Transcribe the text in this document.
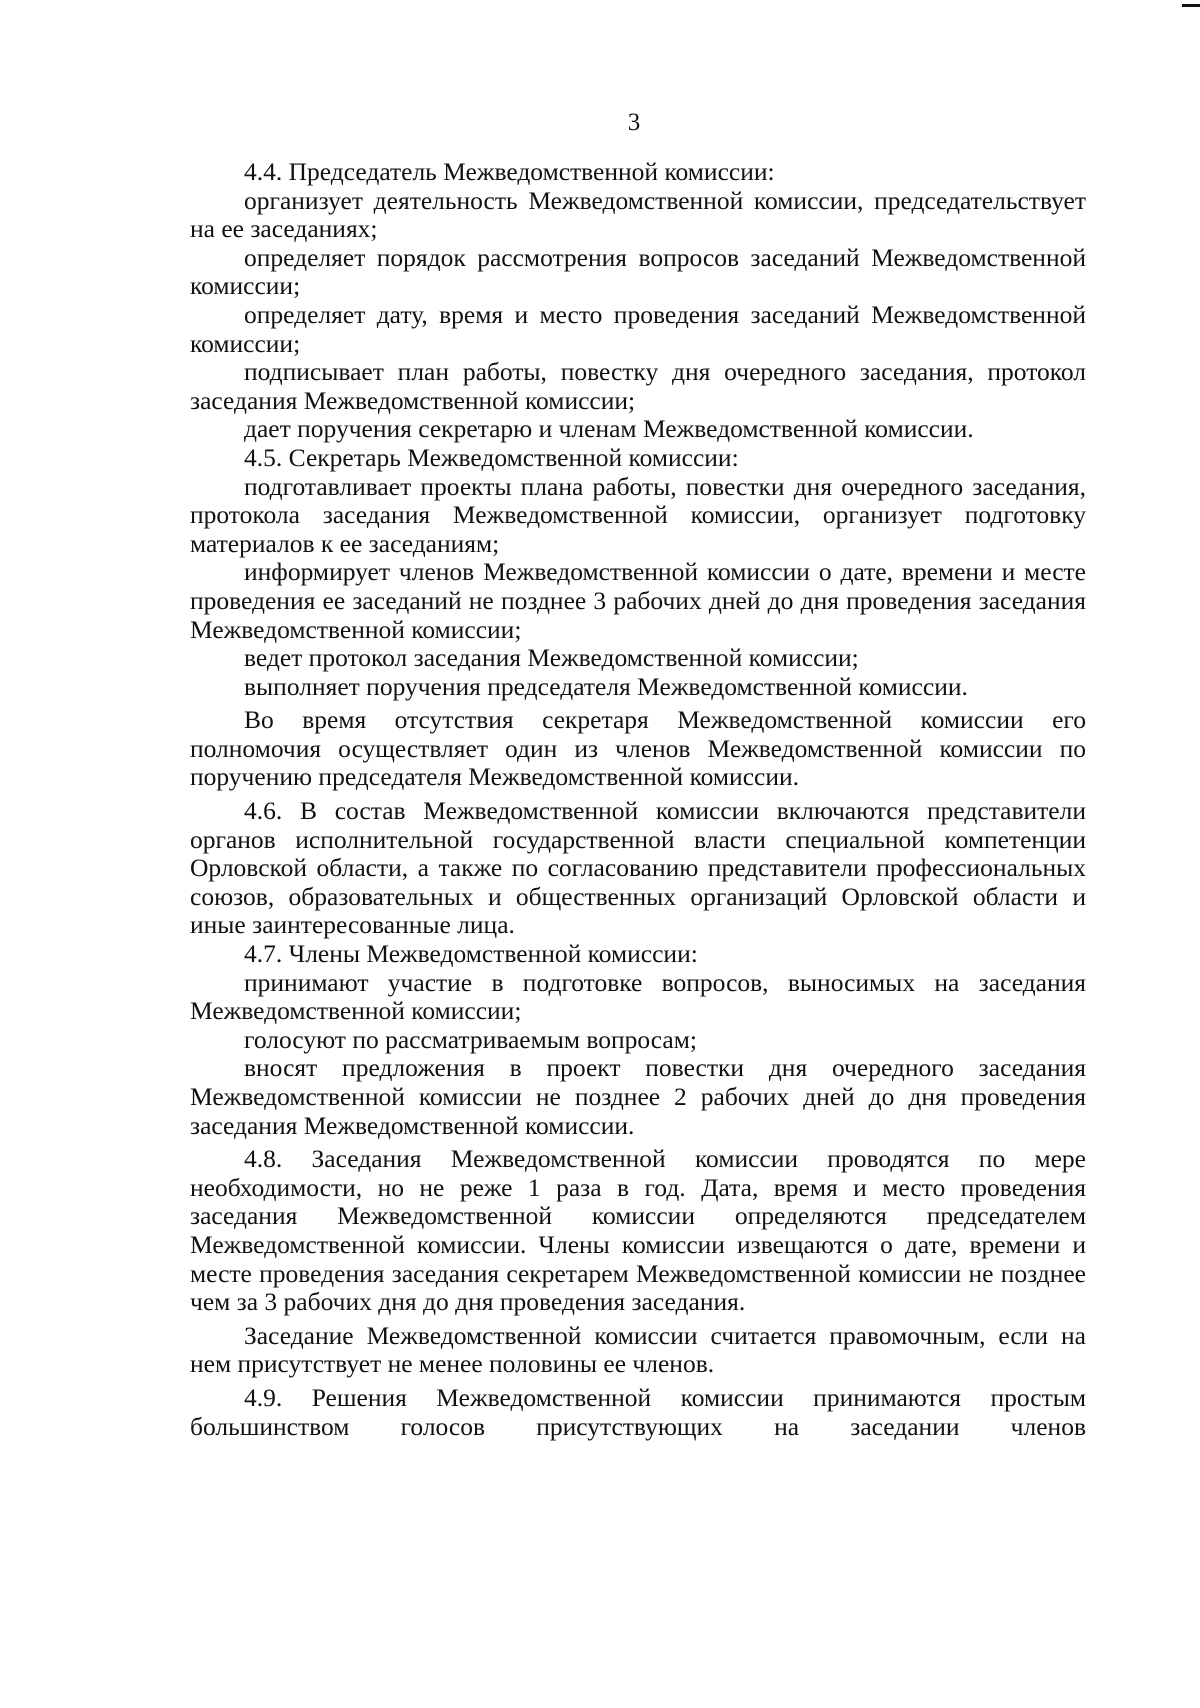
3

4.4. Председатель Межведомственной комиссии:

организует деятельность Межведомственной комиссии, председательствует на ее заседаниях;

определяет порядок рассмотрения вопросов заседаний Межведомственной комиссии;

определяет дату, время и место проведения заседаний Межведомственной комиссии;

подписывает план работы, повестку дня очередного заседания, протокол заседания Межведомственной комиссии;

дает поручения секретарю и членам Межведомственной комиссии.

4.5. Секретарь Межведомственной комиссии:

подготавливает проекты плана работы, повестки дня очередного заседания, протокола заседания Межведомственной комиссии, организует подготовку материалов к ее заседаниям;

информирует членов Межведомственной комиссии о дате, времени и месте проведения ее заседаний не позднее 3 рабочих дней до дня проведения заседания Межведомственной комиссии;

ведет протокол заседания Межведомственной комиссии;

выполняет поручения председателя Межведомственной комиссии.

Во время отсутствия секретаря Межведомственной комиссии его полномочия осуществляет один из членов Межведомственной комиссии по поручению председателя Межведомственной комиссии.

4.6. В состав Межведомственной комиссии включаются представители органов исполнительной государственной власти специальной компетенции Орловской области, а также по согласованию представители профессиональных союзов, образовательных и общественных организаций Орловской области и иные заинтересованные лица.

4.7. Члены Межведомственной комиссии:

принимают участие в подготовке вопросов, выносимых на заседания Межведомственной комиссии;

голосуют по рассматриваемым вопросам;

вносят предложения в проект повестки дня очередного заседания Межведомственной комиссии не позднее 2 рабочих дней до дня проведения заседания Межведомственной комиссии.

4.8. Заседания Межведомственной комиссии проводятся по мере необходимости, но не реже 1 раза в год. Дата, время и место проведения заседания Межведомственной комиссии определяются председателем Межведомственной комиссии. Члены комиссии извещаются о дате, времени и месте проведения заседания секретарем Межведомственной комиссии не позднее чем за 3 рабочих дня до дня проведения заседания.

Заседание Межведомственной комиссии считается правомочным, если на нем присутствует не менее половины ее членов.

4.9. Решения Межведомственной комиссии принимаются простым большинством голосов присутствующих на заседании членов
